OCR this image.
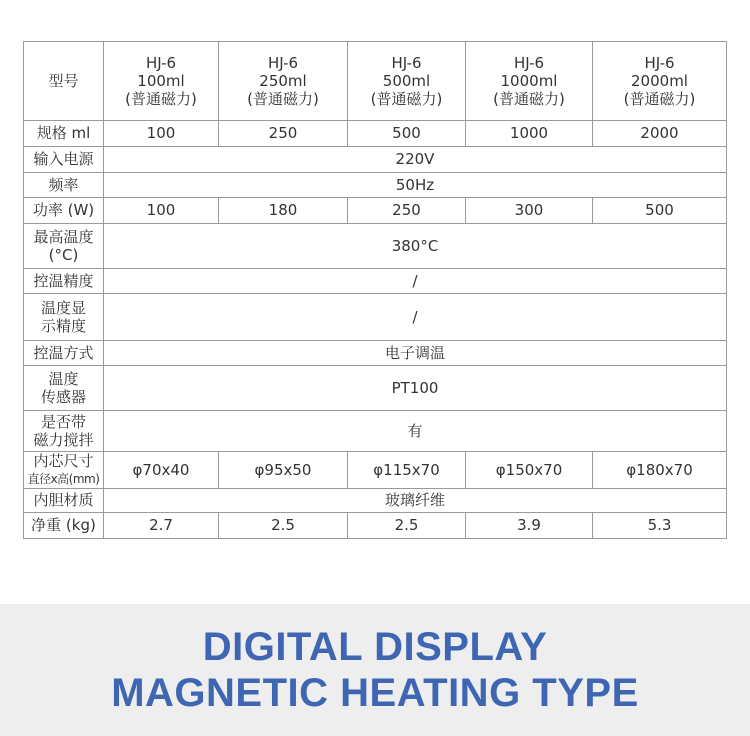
型号	HJ-6
100ml
(普通磁力)	HJ-6
250ml
(普通磁力)	HJ-6
500ml
(普通磁力)	HJ-6
1000ml
(普通磁力)	HJ-6
2000ml
(普通磁力)

规格 ml	100	250	500	1000	2000
输入电源	220V				
频率	50Hz				
功率 (W)	100	180	250	300	500

最高温度
(°C)	380°C				
控温精度	/				

温度显
示精度	/				
控温方式	电子调温				

温度
传感器	PT100				

是否带
磁力搅拌	有				

内芯尺寸
直径x高(mm)	φ70x40	φ95x50	φ115x70	φ150x70	φ180x70
内胆材质	玻璃纤维				
净重 (kg)	2.7	2.5	2.5	3.9	5.3
DIGITAL DISPLAY
MAGNETIC HEATING TYPE
